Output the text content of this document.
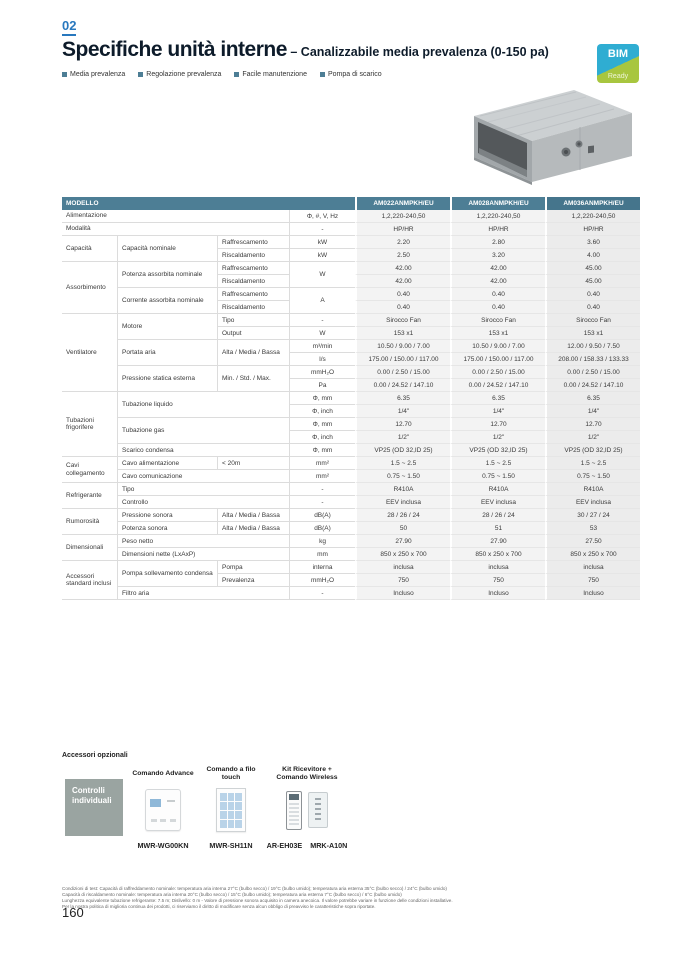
02
Specifiche unità interne – Canalizzabile media prevalenza (0-150 pa)
Media prevalenza	Regolazione prevalenza	Facile manutenzione	Pompa di scarico
BIM
Ready
MODELLO				AM022ANMPKH/EU	AM028ANMPKH/EU	AM036ANMPKH/EU
Alimentazione			Φ, #, V, Hz	1,2,220-240,50	1,2,220-240,50	1,2,220-240,50
Modalità			-	HP/HR	HP/HR	HP/HR
Capacità	Capacità nominale	Raffrescamento	kW	2.20	2.80	3.60
		Riscaldamento	kW	2.50	3.20	4.00
Assorbimento	Potenza assorbita nominale	Raffrescamento	W	42.00	42.00	45.00
		Riscaldamento		42.00	42.00	45.00
	Corrente assorbita nominale	Raffrescamento	A	0.40	0.40	0.40
		Riscaldamento		0.40	0.40	0.40
Ventilatore	Motore	Tipo	-	Sirocco Fan	Sirocco Fan	Sirocco Fan
		Output	W	153 x1	153 x1	153 x1
	Portata aria	Alta / Media / Bassa	m³/min	10.50 / 9.00 / 7.00	10.50 / 9.00 / 7.00	12.00 / 9.50 / 7.50
			l/s	175.00 / 150.00 / 117.00	175.00 / 150.00 / 117.00	208.00 / 158.33 / 133.33
	Pressione statica esterna	Min. / Std. / Max.	mmH₂O	0.00 / 2.50 / 15.00	0.00 / 2.50 / 15.00	0.00 / 2.50 / 15.00
			Pa	0.00 / 24.52 / 147.10	0.00 / 24.52 / 147.10	0.00 / 24.52 / 147.10
Tubazioni frigorifere	Tubazione liquido		Φ, mm	6.35	6.35	6.35
			Φ, inch	1/4"	1/4"	1/4"
	Tubazione gas		Φ, mm	12.70	12.70	12.70
			Φ, inch	1/2"	1/2"	1/2"
	Scarico condensa		Φ, mm	VP25 (OD 32,ID 25)	VP25 (OD 32,ID 25)	VP25 (OD 32,ID 25)
Cavi collegamento	Cavo alimentazione	< 20m	mm²	1.5 ~ 2.5	1.5 ~ 2.5	1.5 ~ 2.5
	Cavo comunicazione		mm²	0.75 ~ 1.50	0.75 ~ 1.50	0.75 ~ 1.50
Refrigerante	Tipo		-	R410A	R410A	R410A
	Controllo		-	EEV inclusa	EEV inclusa	EEV inclusa
Rumorosità	Pressione sonora	Alta / Media / Bassa	dB(A)	28 / 26 / 24	28 / 26 / 24	30 / 27 / 24
	Potenza sonora	Alta / Media / Bassa	dB(A)	50	51	53
Dimensionali	Peso netto		kg	27.90	27.90	27.50
	Dimensioni nette (LxAxP)		mm	850 x 250 x 700	850 x 250 x 700	850 x 250 x 700
Accessori standard inclusi	Pompa sollevamento condensa	Pompa	interna	inclusa	inclusa	inclusa
		Prevalenza	mmH₂O	750	750	750
	Filtro aria		-	Incluso	Incluso	Incluso
Accessori opzionali
Controlli individuali
Comando Advance
MWR-WG00KN
Comando a filo touch
MWR-SH11N
Kit Ricevitore + Comando Wireless
AR-EH03E MRK-A10N

Condizioni di test: Capacità di raffreddamento nominale: temperatura aria interna 27°C (bulbo secco) / 19°C (bulbo umido); temperatura aria esterna 35°C (bulbo secco) / 24°C (bulbo umido)

Capacità di riscaldamento nominale: temperatura aria interna 20°C (bulbo secco) / 15°C (bulbo umido); temperatura aria esterna 7°C (bulbo secco) / 6°C (bulbo umido)

Lunghezza equivalente tubazione refrigerante: 7.5 m; Dislivello: 0 m - Valore di pressione sonora acquisito in camera anecoica. Il valore potrebbe variare in funzione delle condizioni installative.

Per la nostra politica di miglioria continua dei prodotti, ci riserviamo il diritto di modificare senza alcun obbligo di preavviso le caratteristiche sopra riportate.

160
